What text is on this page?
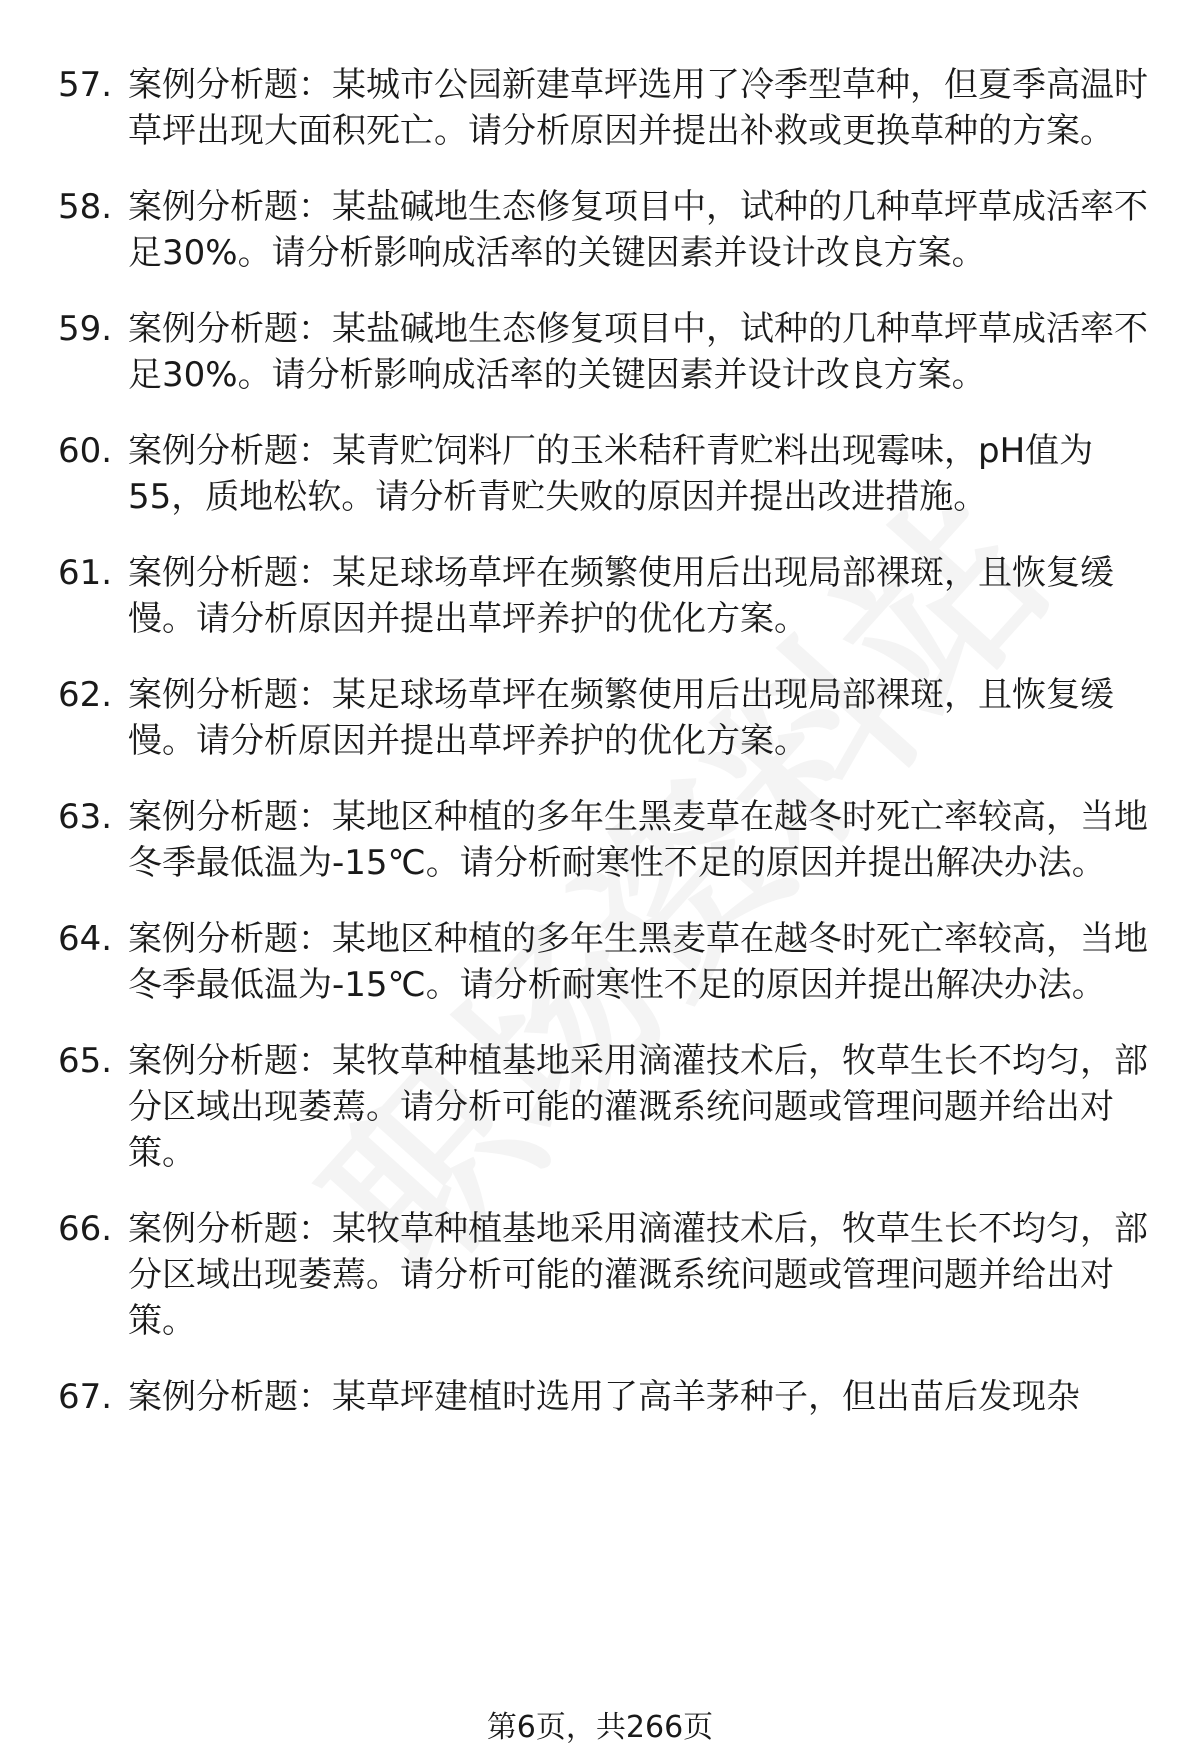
57. 案例分析题：某城市公园新建草坪选用了冷季型草种，但夏季高温时草坪出现大面积死亡。请分析原因并提出补救或更换草种的方案。
58. 案例分析题：某盐碱地生态修复项目中，试种的几种草坪草成活率不足30%。请分析影响成活率的关键因素并设计改良方案。
59. 案例分析题：某盐碱地生态修复项目中，试种的几种草坪草成活率不足30%。请分析影响成活率的关键因素并设计改良方案。
60. 案例分析题：某青贮饲料厂的玉米秸秆青贮料出现霉味，pH值为55，质地松软。请分析青贮失败的原因并提出改进措施。
61. 案例分析题：某足球场草坪在频繁使用后出现局部裸斑，且恢复缓慢。请分析原因并提出草坪养护的优化方案。
62. 案例分析题：某足球场草坪在频繁使用后出现局部裸斑，且恢复缓慢。请分析原因并提出草坪养护的优化方案。
63. 案例分析题：某地区种植的多年生黑麦草在越冬时死亡率较高，当地冬季最低温为-15℃。请分析耐寒性不足的原因并提出解决办法。
64. 案例分析题：某地区种植的多年生黑麦草在越冬时死亡率较高，当地冬季最低温为-15℃。请分析耐寒性不足的原因并提出解决办法。
65. 案例分析题：某牧草种植基地采用滴灌技术后，牧草生长不均匀，部分区域出现萎蔫。请分析可能的灌溉系统问题或管理问题并给出对策。
66. 案例分析题：某牧草种植基地采用滴灌技术后，牧草生长不均匀，部分区域出现萎蔫。请分析可能的灌溉系统问题或管理问题并给出对策。
67. 案例分析题：某草坪建植时选用了高羊茅种子，但出苗后发现杂
第6页，共266页
